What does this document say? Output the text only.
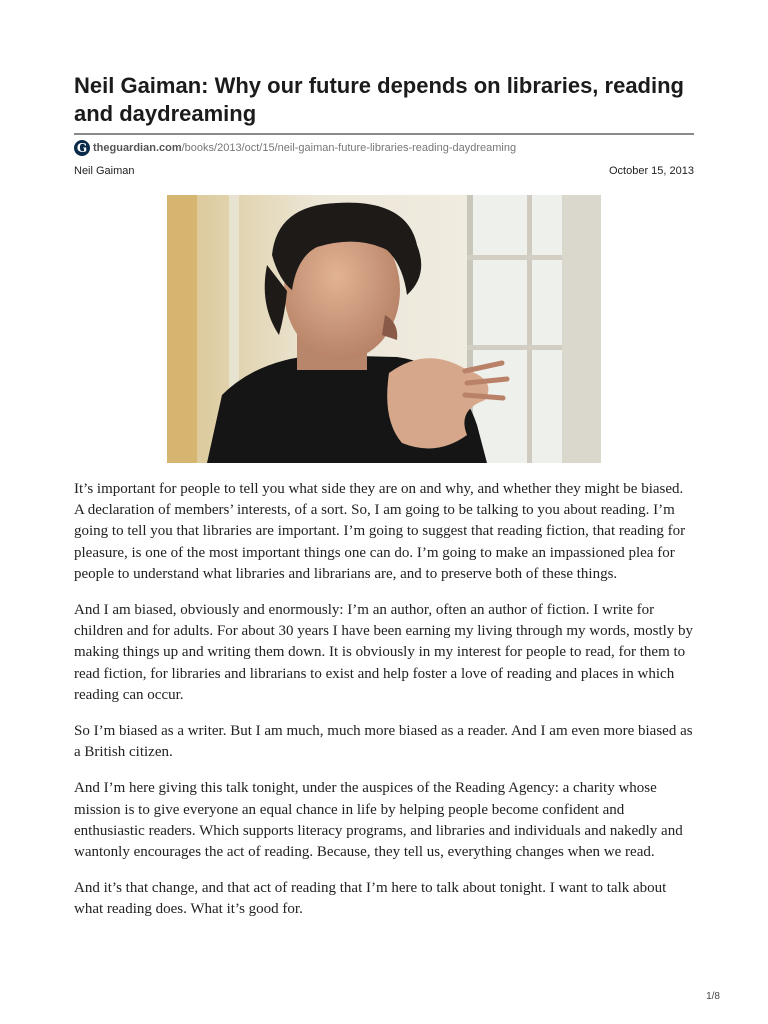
Neil Gaiman: Why our future depends on libraries, reading and daydreaming
G theguardian.com /books/2013/oct/15/neil-gaiman-future-libraries-reading-daydreaming
Neil Gaiman	October 15, 2013

It’s important for people to tell you what side they are on and why, and whether they might be biased. A declaration of members’ interests, of a sort. So, I am going to be talking to you about reading. I’m going to tell you that libraries are important. I’m going to suggest that reading fiction, that reading for pleasure, is one of the most important things one can do. I’m going to make an impassioned plea for people to understand what libraries and librarians are, and to preserve both of these things.

And I am biased, obviously and enormously: I’m an author, often an author of fiction. I write for children and for adults. For about 30 years I have been earning my living through my words, mostly by making things up and writing them down. It is obviously in my interest for people to read, for them to read fiction, for libraries and librarians to exist and help foster a love of reading and places in which reading can occur.

So I’m biased as a writer. But I am much, much more biased as a reader. And I am even more biased as a British citizen.

And I’m here giving this talk tonight, under the auspices of the Reading Agency: a charity whose mission is to give everyone an equal chance in life by helping people become confident and enthusiastic readers. Which supports literacy programs, and libraries and individuals and nakedly and wantonly encourages the act of reading. Because, they tell us, everything changes when we read.

And it’s that change, and that act of reading that I’m here to talk about tonight. I want to talk about what reading does. What it’s good for.

1/8
